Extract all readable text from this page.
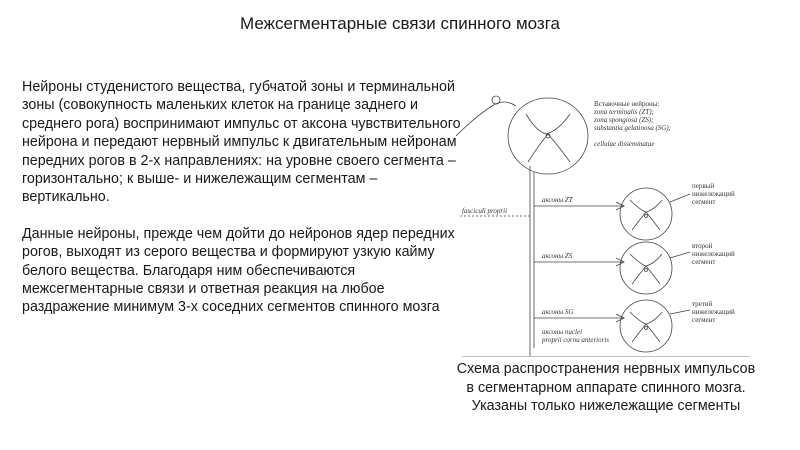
Межсегментарные связи спинного мозга

Нейроны студенистого вещества, губчатой зоны и терминальной зоны (совокупность маленьких клеток на границе заднего и среднего рога) воспринимают импульс от аксона чувствительного нейрона и передают нервный импульс к двигательным нейронам передних рогов в 2-х направлениях: на уровне своего сегмента – горизонтально; к выше- и нижележащим сегментам – вертикально.

Данные нейроны, прежде чем дойти до нейронов ядер передних рогов, выходят из серого вещества и формируют узкую кайму белого вещества. Благодаря ним обеспечиваются межсегментарные связи и ответная реакция на любое раздражение минимум 3-х соседних сегментов спинного мозга

Вставочные нейроны:
zona terminalis (ZT);
zona spongiosa (ZS);
substantia gelatinosa (SG);
cellulae disseminatae
fasciculi proprii
аксоны ZT
аксоны ZS
аксоны SG
аксоны nuclei
proprii cornu anterioris
первый
нижележащий
сегмент
второй
нижележащий
сегмент
третий
нижележащий
сегмент
Схема распространения нервных импульсов в сегментарном аппарате спинного мозга. Указаны только нижележащие сегменты
